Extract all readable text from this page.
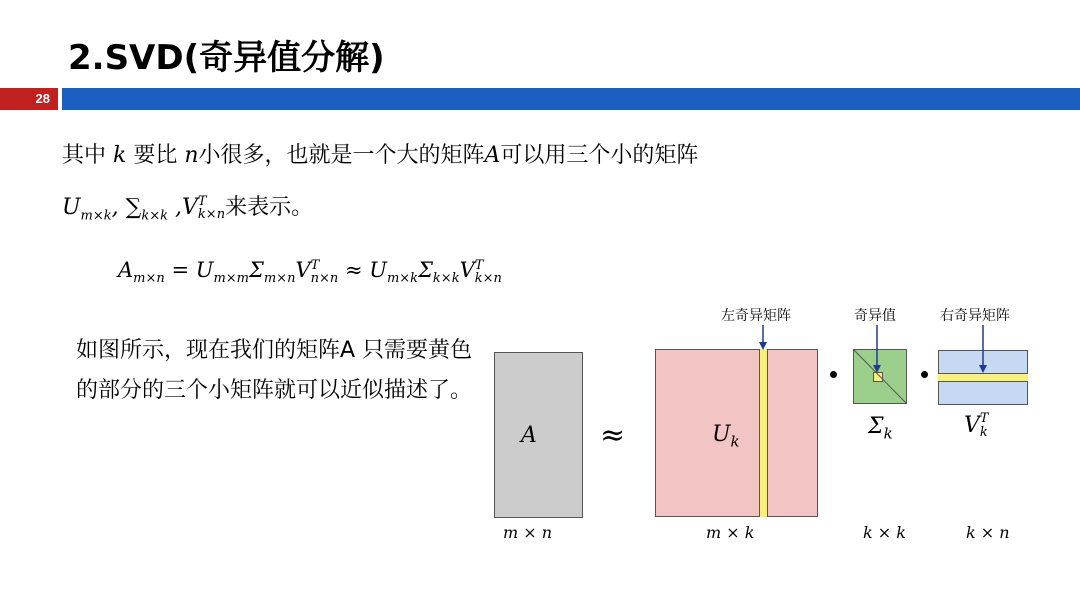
2.SVD(奇异值分解)
28
其中 k 要比 n小很多，也就是一个大的矩阵A可以用三个小的矩阵
$U_{m\times k}$, $\sum_{k\times k}$ ,V T
k×n 来表示。
$A_{m\times n} = U_{m\times m}\Sigma_{m\times n}V$ T
$n\times n \approx U_{m\times k}\Sigma_{k\times k}V$ T
k×n
如图所示，现在我们的矩阵A 只需要黄色的部分的三个小矩阵就可以近似描述了。
A
m × n
≈	$U_k$
m × k
左奇异矩阵
$\Sigma_k$
k × k
奇异值
V T
k
k × n
右奇异矩阵
